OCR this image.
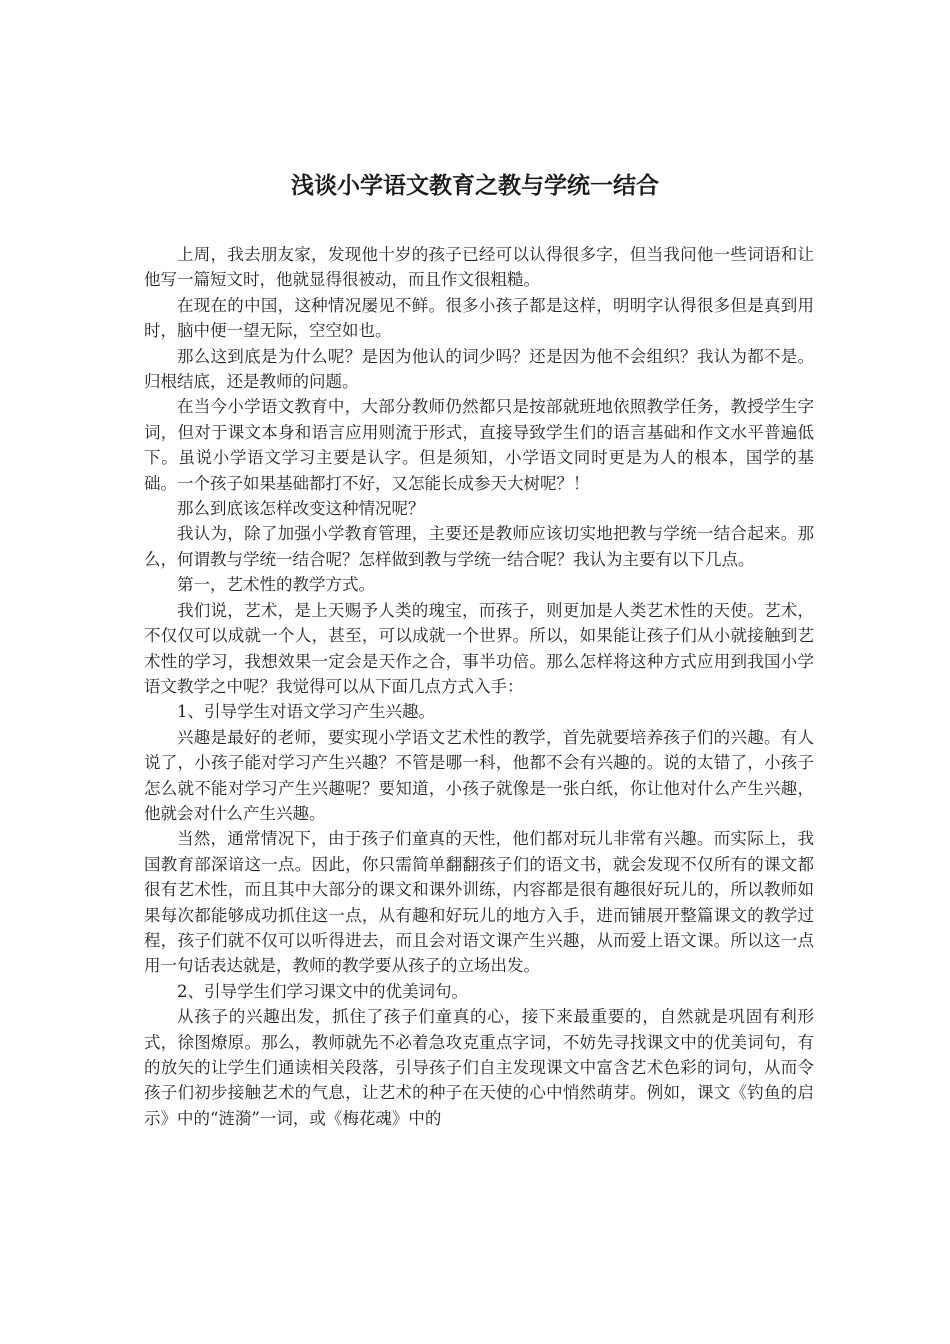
浅谈小学语文教育之教与学统一结合

上周，我去朋友家，发现他十岁的孩子已经可以认得很多字，但当我问他一些词语和让他写一篇短文时，他就显得很被动，而且作文很粗糙。

在现在的中国，这种情况屡见不鲜。很多小孩子都是这样，明明字认得很多但是真到用时，脑中便一望无际，空空如也。

那么这到底是为什么呢？是因为他认的词少吗？还是因为他不会组织？我认为都不是。归根结底，还是教师的问题。

在当今小学语文教育中，大部分教师仍然都只是按部就班地依照教学任务，教授学生字词，但对于课文本身和语言应用则流于形式，直接导致学生们的语言基础和作文水平普遍低下。虽说小学语文学习主要是认字。但是须知，小学语文同时更是为人的根本，国学的基础。一个孩子如果基础都打不好，又怎能长成参天大树呢？！

那么到底该怎样改变这种情况呢？

我认为，除了加强小学教育管理，主要还是教师应该切实地把教与学统一结合起来。那么，何谓教与学统一结合呢？怎样做到教与学统一结合呢？我认为主要有以下几点。

第一，艺术性的教学方式。

我们说，艺术，是上天赐予人类的瑰宝，而孩子，则更加是人类艺术性的天使。艺术，不仅仅可以成就一个人，甚至，可以成就一个世界。所以，如果能让孩子们从小就接触到艺术性的学习，我想效果一定会是天作之合，事半功倍。那么怎样将这种方式应用到我国小学语文教学之中呢？我觉得可以从下面几点方式入手：

1、引导学生对语文学习产生兴趣。

兴趣是最好的老师，要实现小学语文艺术性的教学，首先就要培养孩子们的兴趣。有人说了，小孩子能对学习产生兴趣？不管是哪一科，他都不会有兴趣的。说的太错了，小孩子怎么就不能对学习产生兴趣呢？要知道，小孩子就像是一张白纸，你让他对什么产生兴趣，他就会对什么产生兴趣。

当然，通常情况下，由于孩子们童真的天性，他们都对玩儿非常有兴趣。而实际上，我国教育部深谙这一点。因此，你只需简单翻翻孩子们的语文书，就会发现不仅所有的课文都很有艺术性，而且其中大部分的课文和课外训练，内容都是很有趣很好玩儿的，所以教师如果每次都能够成功抓住这一点，从有趣和好玩儿的地方入手，进而铺展开整篇课文的教学过程，孩子们就不仅可以听得进去，而且会对语文课产生兴趣，从而爱上语文课。所以这一点用一句话表达就是，教师的教学要从孩子的立场出发。

2、引导学生们学习课文中的优美词句。

从孩子的兴趣出发，抓住了孩子们童真的心，接下来最重要的，自然就是巩固有利形式，徐图燎原。那么，教师就先不必着急攻克重点字词，不妨先寻找课文中的优美词句，有的放矢的让学生们通读相关段落，引导孩子们自主发现课文中富含艺术色彩的词句，从而令孩子们初步接触艺术的气息，让艺术的种子在天使的心中悄然萌芽。例如，课文《钓鱼的启示》中的“涟漪”一词，或《梅花魂》中的
